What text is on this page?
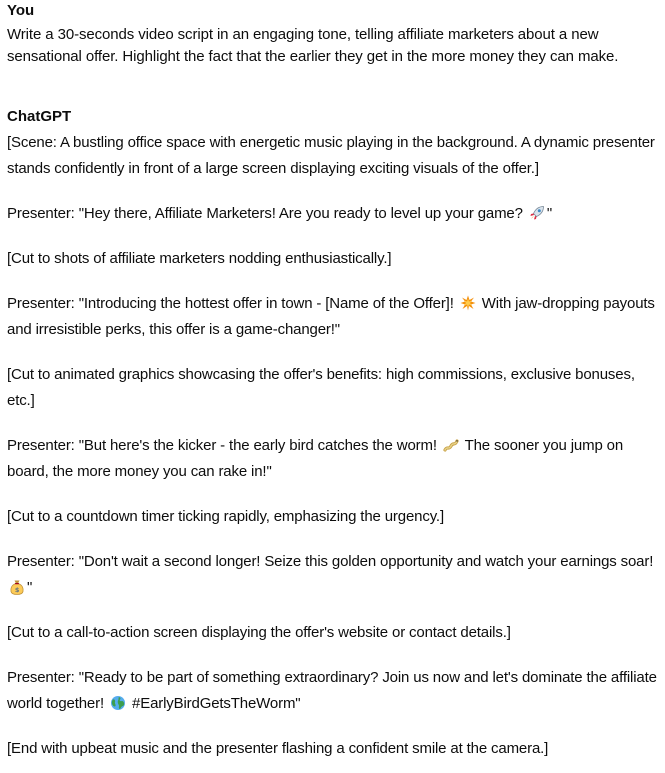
You

Write a 30-seconds video script in an engaging tone, telling affiliate marketers about a new sensational offer. Highlight the fact that the earlier they get in the more money they can make.

ChatGPT

[Scene: A bustling office space with energetic music playing in the background. A dynamic presenter stands confidently in front of a large screen displaying exciting visuals of the offer.]

Presenter: "Hey there, Affiliate Marketers! Are you ready to level up your game?
"

[Cut to shots of affiliate marketers nodding enthusiastically.]

Presenter: "Introducing the hottest offer in town - [Name of the Offer]!
With jaw-dropping payouts and irresistible perks, this offer is a game-changer!"

[Cut to animated graphics showcasing the offer's benefits: high commissions, exclusive bonuses, etc.]

Presenter: "But here's the kicker - the early bird catches the worm!
The sooner you jump on board, the more money you can rake in!"

[Cut to a countdown timer ticking rapidly, emphasizing the urgency.]

Presenter: "Don't wait a second longer! Seize this golden opportunity and watch your earnings soar!
$ "

[Cut to a call-to-action screen displaying the offer's website or contact details.]

Presenter: "Ready to be part of something extraordinary? Join us now and let's dominate the affiliate world together!
#EarlyBirdGetsTheWorm"

[End with upbeat music and the presenter flashing a confident smile at the camera.]
